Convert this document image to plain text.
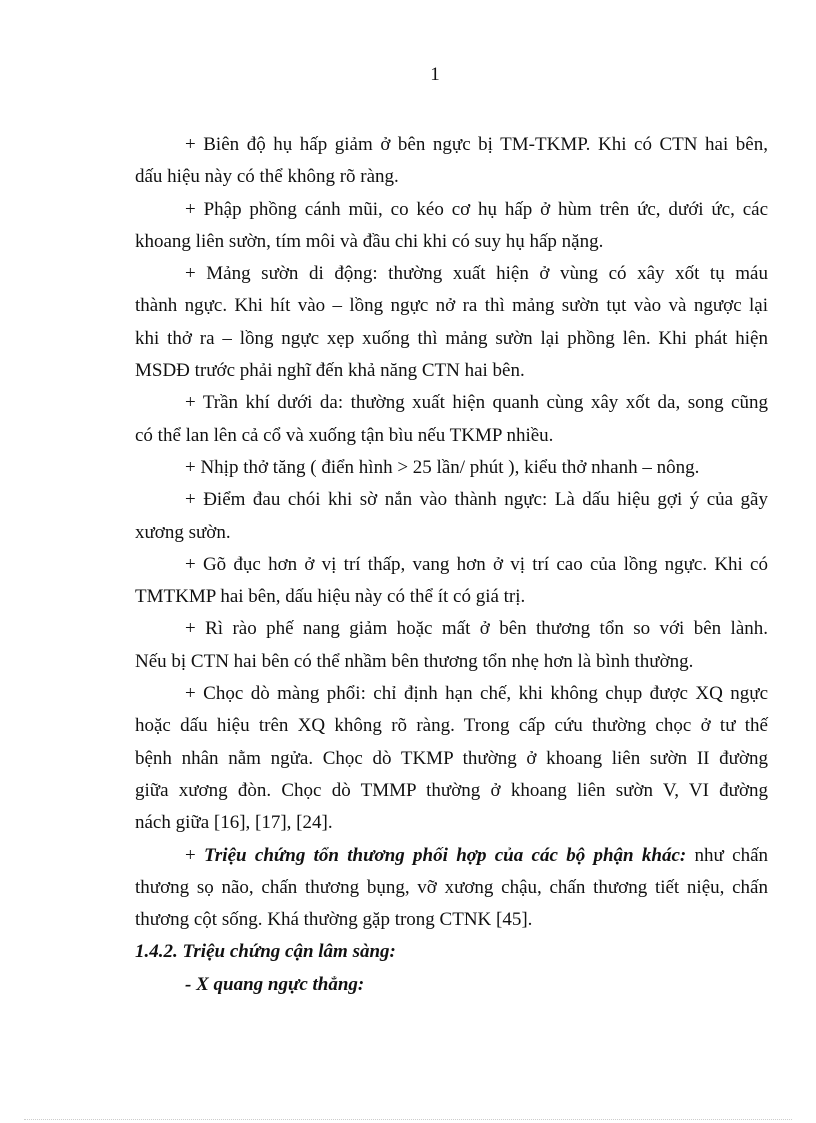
1
+ Biên độ hụ hấp giảm ở bên ngực bị TM-TKMP. Khi có CTN hai bên,
dấu hiệu này có thể không rõ ràng.
+ Phập phồng cánh mũi, co kéo cơ hụ hấp ở hùm trên ức, dưới ức, các
khoang liên sườn, tím môi và đầu chi khi có suy hụ hấp nặng.
+ Mảng sườn di động: thường xuất hiện ở vùng có xây xốt tụ máu
thành ngực. Khi hít vào – lồng ngực nở ra thì mảng sườn tụt vào và ngược lại
khi thở ra – lồng ngực xẹp xuống thì mảng sườn lại phồng lên. Khi phát hiện
MSDĐ trước phải nghĩ đến khả năng CTN hai bên.
+ Trần khí dưới da: thường xuất hiện quanh cùng xây xốt da, song cũng
có thể lan lên cả cổ và xuống tận bìu nếu TKMP nhiều.
+ Nhịp thở tăng ( điển hình > 25 lần/ phút ), kiểu thở nhanh – nông.
+ Điểm đau chói khi sờ nắn vào thành ngực: Là dấu hiệu gợi ý của gãy
xương sườn.
+ Gõ đục hơn ở vị trí thấp, vang hơn ở vị trí cao của lồng ngực. Khi có
TMTKMP hai bên, dấu hiệu này có thể ít có giá trị.
+ Rì rào phế nang giảm hoặc mất ở bên thương tổn so với bên lành.
Nếu bị CTN hai bên có thể nhầm bên thương tổn nhẹ hơn là bình thường.
+ Chọc dò màng phổi: chỉ định hạn chế, khi không chụp được XQ ngực
hoặc dấu hiệu trên XQ không rõ ràng. Trong cấp cứu thường chọc ở tư thế
bệnh nhân nằm ngửa. Chọc dò TKMP thường ở khoang liên sườn II đường
giữa xương đòn. Chọc dò TMMP thường ở khoang liên sườn V, VI đường
nách giữa [16], [17], [24].
+ Triệu chứng tổn thương phối hợp của các bộ phận khác: như chấn
thương sọ não, chấn thương bụng, vỡ xương chậu, chấn thương tiết niệu, chấn
thương cột sống. Khá thường gặp trong CTNK [45].
1.4.2. Triệu chứng cận lâm sàng:
- X quang ngực thẳng:
